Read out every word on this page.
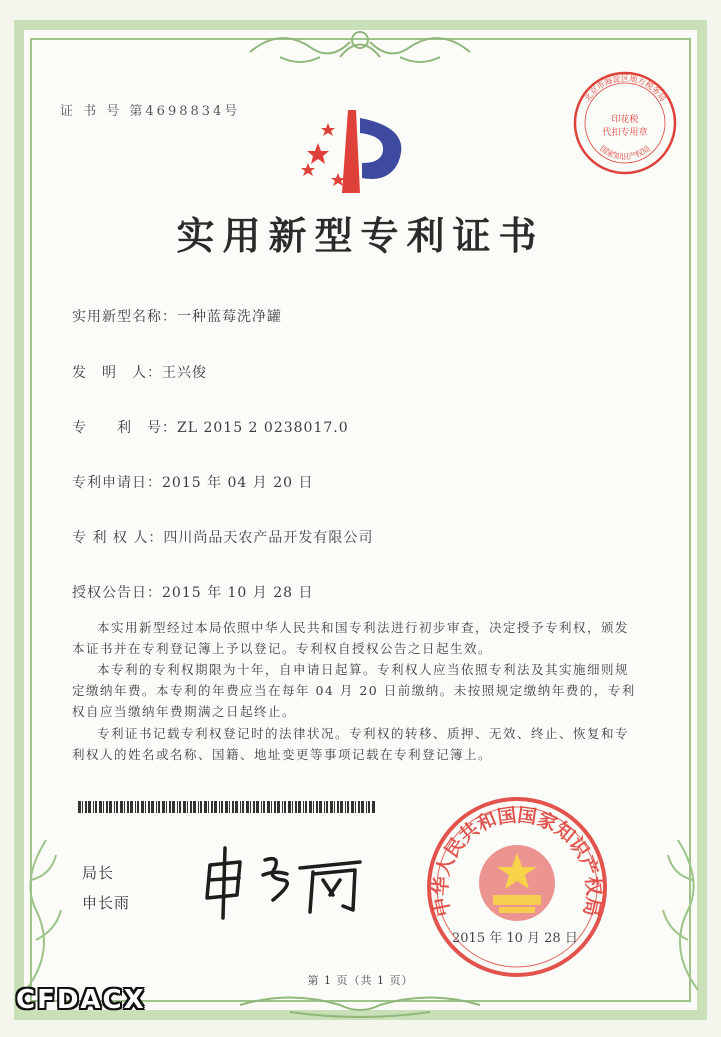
证 书 号 第4698834号
实用新型专利证书
北京市海淀区地方税务局
国家知识产权局
印花税
代扣专用章
实用新型名称：一种蓝莓洗净罐
发　明　人：王兴俊
专　　利　号：ZL 2015 2 0238017.0
专利申请日：2015 年 04 月 20 日
专 利 权 人：四川尚品天农产品开发有限公司
授权公告日：2015 年 10 月 28 日
本实用新型经过本局依照中华人民共和国专利法进行初步审查，决定授予专利权，颁发本证书并在专利登记簿上予以登记。专利权自授权公告之日起生效。
本专利的专利权期限为十年，自申请日起算。专利权人应当依照专利法及其实施细则规定缴纳年费。本专利的年费应当在每年 04 月 20 日前缴纳。未按照规定缴纳年费的，专利权自应当缴纳年费期满之日起终止。
专利证书记载专利权登记时的法律状况。专利权的转移、质押、无效、终止、恢复和专利权人的姓名或名称、国籍、地址变更等事项记载在专利登记簿上。
局长
申长雨	中华人民共和国国家知识产权局
2015 年 10 月 28 日
第 1 页（共 1 页）
CFDACX
